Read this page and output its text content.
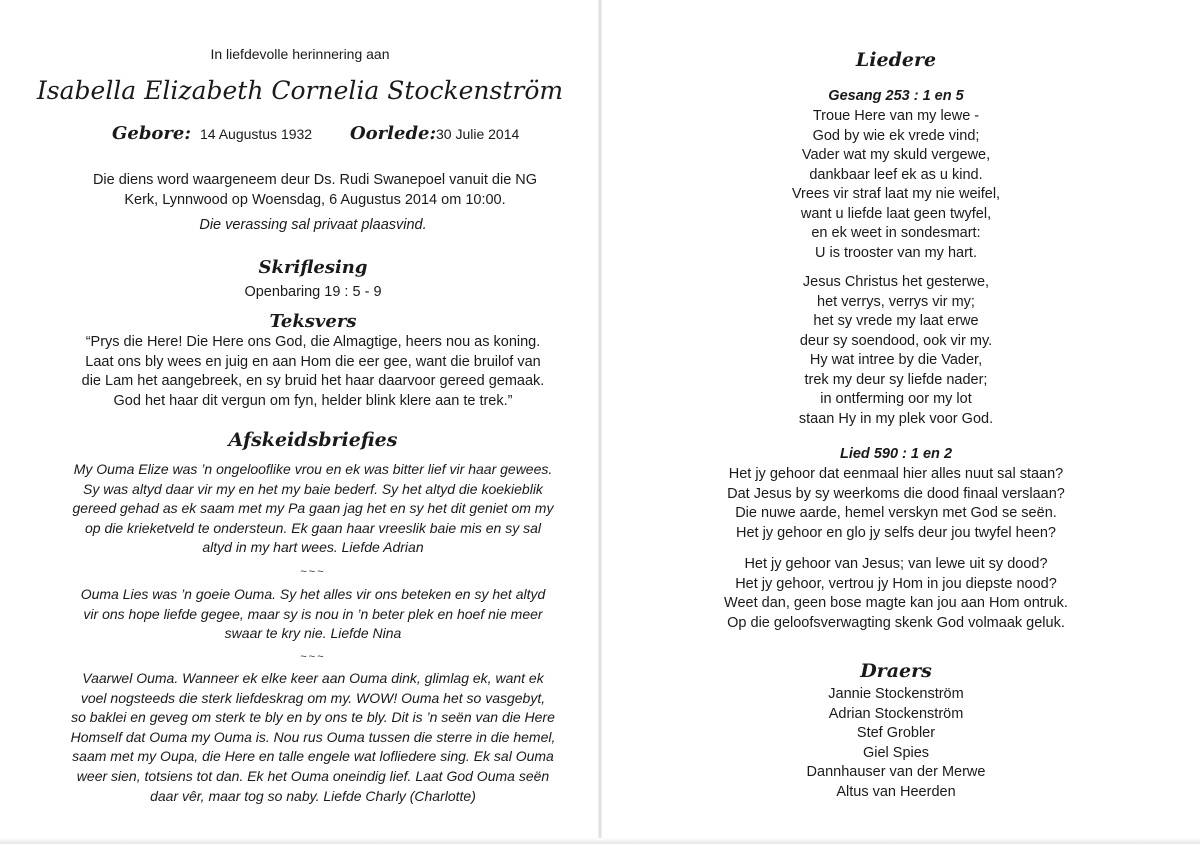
In liefdevolle herinnering aan
Isabella Elizabeth Cornelia Stockenström
Gebore: 14 Augustus 1932 Oorlede: 30 Julie 2014
Die diens word waargeneem deur Ds. Rudi Swanepoel vanuit die NG
Kerk, Lynnwood op Woensdag, 6 Augustus 2014 om 10:00.
Die verassing sal privaat plaasvind.
Skriflesing
Openbaring 19 : 5 - 9
Teksvers
“Prys die Here! Die Here ons God, die Almagtige, heers nou as koning.
Laat ons bly wees en juig en aan Hom die eer gee, want die bruilof van
die Lam het aangebreek, en sy bruid het haar daarvoor gereed gemaak.
God het haar dit vergun om fyn, helder blink klere aan te trek.”
Afskeidsbriefies
My Ouma Elize was ’n ongelooflike vrou en ek was bitter lief vir haar gewees.
Sy was altyd daar vir my en het my baie bederf. Sy het altyd die koekieblik
gereed gehad as ek saam met my Pa gaan jag het en sy het dit geniet om my
op die krieketveld te ondersteun. Ek gaan haar vreeslik baie mis en sy sal
altyd in my hart wees. Liefde Adrian
~~~
Ouma Lies was ’n goeie Ouma. Sy het alles vir ons beteken en sy het altyd
vir ons hope liefde gegee, maar sy is nou in ’n beter plek en hoef nie meer
swaar te kry nie. Liefde Nina
~~~
Vaarwel Ouma. Wanneer ek elke keer aan Ouma dink, glimlag ek, want ek
voel nogsteeds die sterk liefdeskrag om my. WOW! Ouma het so vasgebyt,
so baklei en geveg om sterk te bly en by ons te bly. Dit is ’n seën van die Here
Homself dat Ouma my Ouma is. Nou rus Ouma tussen die sterre in die hemel,
saam met my Oupa, die Here en talle engele wat lofliedere sing. Ek sal Ouma
weer sien, totsiens tot dan. Ek het Ouma oneindig lief. Laat God Ouma seën
daar vêr, maar tog so naby. Liefde Charly (Charlotte)
Liedere
Gesang 253 : 1 en 5
Troue Here van my lewe -
God by wie ek vrede vind;
Vader wat my skuld vergewe,
dankbaar leef ek as u kind.
Vrees vir straf laat my nie weifel,
want u liefde laat geen twyfel,
en ek weet in sondesmart:
U is trooster van my hart.
Jesus Christus het gesterwe,
het verrys, verrys vir my;
het sy vrede my laat erwe
deur sy soendood, ook vir my.
Hy wat intree by die Vader,
trek my deur sy liefde nader;
in ontferming oor my lot
staan Hy in my plek voor God.
Lied 590 : 1 en 2
Het jy gehoor dat eenmaal hier alles nuut sal staan?
Dat Jesus by sy weerkoms die dood finaal verslaan?
Die nuwe aarde, hemel verskyn met God se seën.
Het jy gehoor en glo jy selfs deur jou twyfel heen?
Het jy gehoor van Jesus; van lewe uit sy dood?
Het jy gehoor, vertrou jy Hom in jou diepste nood?
Weet dan, geen bose magte kan jou aan Hom ontruk.
Op die geloofsverwagting skenk God volmaak geluk.
Draers
Jannie Stockenström
Adrian Stockenström
Stef Grobler
Giel Spies
Dannhauser van der Merwe
Altus van Heerden
